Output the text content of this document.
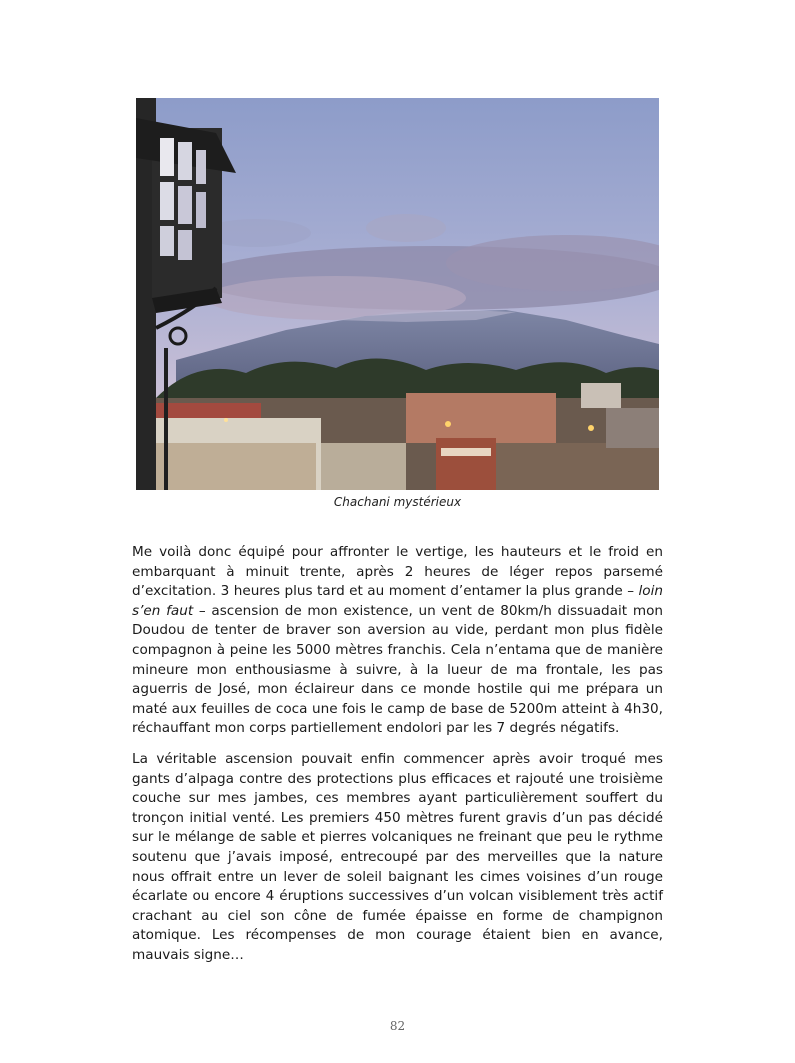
Chachani mystérieux

Me voilà donc équipé pour affronter le vertige, les hauteurs et le froid en embarquant à minuit trente, après 2 heures de léger repos parsemé d’excitation. 3 heures plus tard et au moment d’entamer la plus grande – loin s’en faut – ascension de mon existence, un vent de 80km/h dissuadait mon Doudou de tenter de braver son aversion au vide, perdant mon plus fidèle compagnon à peine les 5000 mètres franchis. Cela n’entama que de manière mineure mon enthousiasme à suivre, à la lueur de ma frontale, les pas aguerris de José, mon éclaireur dans ce monde hostile qui me prépara un maté aux feuilles de coca une fois le camp de base de 5200m atteint à 4h30, réchauffant mon corps partiellement endolori par les 7 degrés négatifs.

La véritable ascension pouvait enfin commencer après avoir troqué mes gants d’alpaga contre des protections plus efficaces et rajouté une troisième couche sur mes jambes, ces membres ayant particulièrement souffert du tronçon initial venté. Les premiers 450 mètres furent gravis d’un pas décidé sur le mélange de sable et pierres volcaniques ne freinant que peu le rythme soutenu que j’avais imposé, entrecoupé par des merveilles que la nature nous offrait entre un lever de soleil baignant les cimes voisines d’un rouge écarlate ou encore 4 éruptions successives d’un volcan visiblement très actif crachant au ciel son cône de fumée épaisse en forme de champignon atomique. Les récompenses de mon courage étaient bien en avance, mauvais signe…

82
